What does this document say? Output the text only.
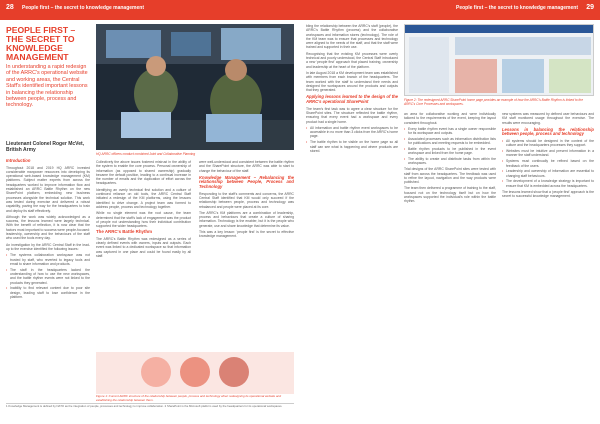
28 People first – the secret to knowledge management
PEOPLE FIRST – THE SECRET TO KNOWLEDGE MANAGEMENT
In understanding a rapid redesign of the ARRC's operational website and working areas, the Central Staff's identified important lessons in balancing the relationship between people, process and technology.
Lieutenant Colonel Roger McVet, British Army
Introduction

Throughout 2018 and 2019 HQ ARRC invested considerable manpower resources into developing its operational web-based knowledge management (KM) platforms. Subject matter experts from across the headquarters worked to improve information flow and established an ARRC Battle Rhythm on the new SharePoint platform, embedding new business processes alongside the technical solution. This work was tested during exercise and delivered a robust capability, paving the way for the headquarters to train and deploy its staff effectively.

Although the work was widely acknowledged as a success, the lessons learned were largely technical. With the benefit of reflection, it is now clear that the factors most important to success were people-focused: leadership, ownership and the behaviours of the staff who used the tools every day.

An investigation by the ARRC Central Staff in the lead-up to the exercise identified the following issues:

• The systems collaboration workspace was not trusted by staff, who reverted to legacy tools and email to share information and products.
• The staff in the headquarters lacked the understanding of how to use the new workspaces, and the battle rhythm events were not linked to the products they generated.
• Inability to find relevant content due to poor site design, leading staff to lose confidence in the platform.
HQ ARRC officers conduct combined Joint and Collaborative Planning

Collectively the above issues fostered mistrust in the ability of the system to enable the core process. Personal ownership of information (as opposed to shared ownership) gradually became the default position, leading to a continual increase in the number of emails and the duplication of effort across the headquarters.

Identifying an overly technical first solution and a culture of continued reliance on old tools, the ARRC Central Staff initiated a redesign of the KM platforms, using the lessons identified to drive change. A project team was formed to address people, process and technology together.

While no single element was the root cause, the team determined that the staff's lack of engagement was the product of people not understanding how their individual contribution supported the wider headquarters.

The ARRC's Battle Rhythm

The ARRC's Battle Rhythm was redesigned as a series of clearly defined events with owners, inputs and outputs. Each event was linked to a dedicated workspace so that information was captured in one place and could be found easily by all staff.

were well-understood and consistent between the battle rhythm and the SharePoint structure, the ARRC was able to start to change the behaviour of the staff.

Knowledge Management – Rebalancing the relationship between People, Process and Technology

Responding to the staff's comments and concerns, the ARRC Central Staff identified that KM would only succeed if the relationship between people, process and technology was rebalanced and people were placed at its core.

The ARRC's KM platforms are a combination of leadership, process and behaviours that create a culture of sharing information. Technology is the enabler, but it is the people who generate, use and share knowledge that determine its value.

This was a key lesson: 'people first' is the secret to effective knowledge management.

Figure 1: Current ARRC structure of the relationship between people, process and technology when redesigning its operational website and establishing the relationship between them.
1 Knowledge Management is defined by NATO as the integration of people, processes and technology to improve collaboration. 2 SharePoint is the Microsoft platform used by the headquarters for its operational workspaces.
29
People first – the secret to knowledge management

bling the relationship between the ARRC's staff (people), the ARRC's Battle Rhythm (process) and the collaborative workspaces and information stores (technology). The role of the KM team was to ensure that processes and technology were aligned to the needs of the staff, and that the staff were trained and supported in their use.

Recognising that the existing KM processes were overly technical and poorly understood, the Central Staff introduced a new 'people first' approach that placed training, ownership and leadership at the heart of the platform.

In late August 2018 a KM development team was established with members from each branch of the headquarters. The team worked with the staff to understand their needs and designed the workspaces around the products and outputs that they generated.

Applying lessons learned to the design of the ARRC's operational SharePoint

The team's first task was to agree a clear structure for the SharePoint sites. The structure reflected the battle rhythm, ensuring that every event had a workspace and every product had a single home.

• All information and battle rhythm event workspaces to be accessible in no more than 3 clicks from the ARRC's home page.
• The battle rhythm to be visible on the home page so all staff can see what is happening and where products are stored.
Figure 2: The redesigned ARRC SharePoint home page provides an example of how the ARRC's Battle Rhythm is linked to the ARRC's Core Processes and workspaces.

an area for collaborative working and were individually tailored to the requirements of the event, keeping the layout consistent throughout.

• Every battle rhythm event has a single owner responsible for its workspace and outputs.
• Associated processes such as information distribution lists for publications and meeting requests to be embedded.
• Battle rhythm products to be published in the event workspace and linked from the home page.
• The ability to create and distribute tasks from within the workspaces.

Trial designs of the ARRC SharePoint sites were tested with staff from across the headquarters. The feedback was used to refine the layout, navigation and the way products were published.

The team then delivered a programme of training to the staff, focused not on the technology itself but on how the workspaces supported the individual's role within the battle rhythm.

new systems was measured by defined user behaviours and KM staff monitored usage throughout the exercise. The results were encouraging.

Lessons in balancing the relationship between people, process and technology
• All systems should be designed in the context of the culture and the headquarters processes they support.
• Websites must be intuitive and present information in a manner the staff understand.
• Systems must continually be refined based on the feedback of the users.
• Leadership and ownership of information are essential to changing staff behaviours.
• The development of a knowledge strategy is important to ensure that KM is embedded across the headquarters.

The lessons learned show that a 'people first' approach is the secret to successful knowledge management.
